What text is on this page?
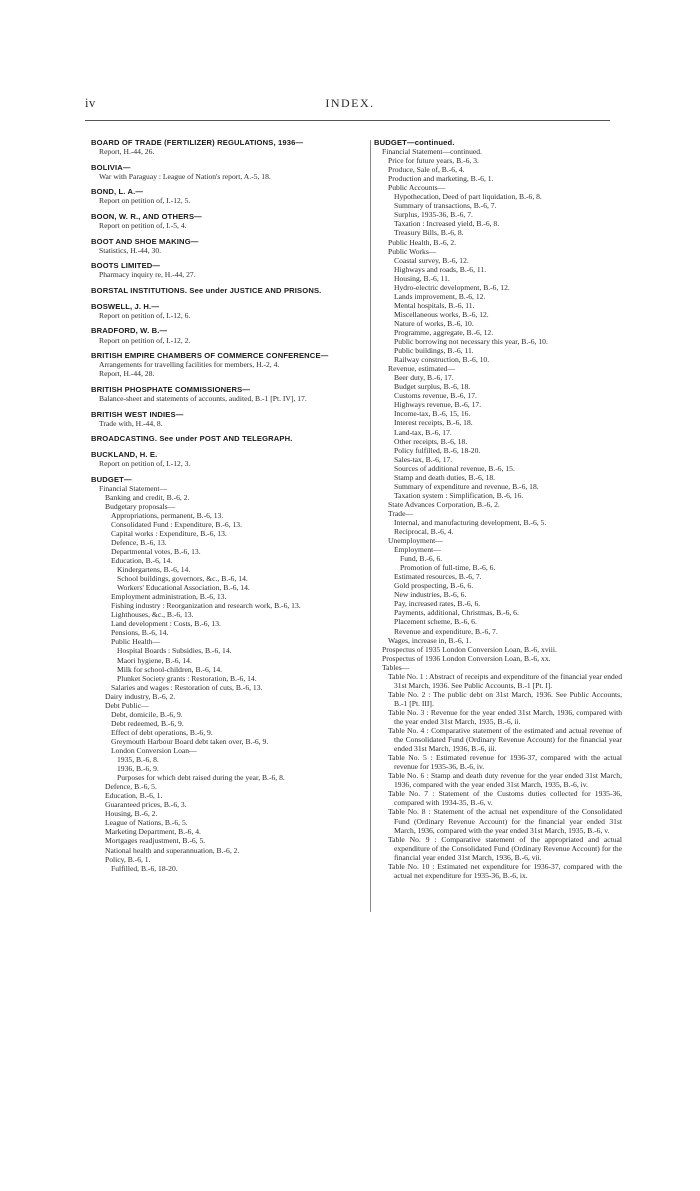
iv	INDEX.
BOARD OF TRADE (FERTILIZER) REGULATIONS, 1936—
Report, H.-44, 26.
BOLIVIA—
War with Paraguay : League of Nation's report, A.-5, 18.
BOND, L. A.—
Report on petition of, I.-12, 5.
BOON, W. R., AND OTHERS—
Report on petition of, I.-5, 4.
BOOT AND SHOE MAKING—
Statistics, H.-44, 30.
BOOTS LIMITED—
Pharmacy inquiry re, H.-44, 27.
BORSTAL INSTITUTIONS. See under JUSTICE AND PRISONS.
BOSWELL, J. H.—
Report on petition of, I.-12, 6.
BRADFORD, W. B.—
Report on petition of, I.-12, 2.
BRITISH EMPIRE CHAMBERS OF COMMERCE CONFERENCE—
Arrangements for travelling facilities for members, H.-2, 4.
Report, H.-44, 28.
BRITISH PHOSPHATE COMMISSIONERS—
Balance-sheet and statements of accounts, audited, B.-1 [Pt. IV], 17.
BRITISH WEST INDIES—
Trade with, H.-44, 8.
BROADCASTING. See under POST AND TELEGRAPH.
BUCKLAND, H. E.
Report on petition of, I.-12, 3.
BUDGET—
Financial Statement—
Banking and credit, B.-6, 2.
Budgetary proposals—
Appropriations, permanent, B.-6, 13.
Consolidated Fund : Expenditure, B.-6, 13.
Capital works : Expenditure, B.-6, 13.
Defence, B.-6, 13.
Departmental votes, B.-6, 13.
Education, B.-6, 14.
Kindergartens, B.-6, 14.
School buildings, governors, &c., B.-6, 14.
Workers' Educational Association, B.-6, 14.
Employment administration, B.-6, 13.
Fishing industry : Reorganization and research work, B.-6, 13.
Lighthouses, &c., B.-6, 13.
Land development : Costs, B.-6, 13.
Pensions, B.-6, 14.
Public Health—
Hospital Boards : Subsidies, B.-6, 14.
Maori hygiene, B.-6, 14.
Milk for school-children, B.-6, 14.
Plunket Society grants : Restoration, B.-6, 14.
Salaries and wages : Restoration of cuts, B.-6, 13.
Dairy industry, B.-6, 2.
Debt Public—
Debt, domicile, B.-6, 9.
Debt redeemed, B.-6, 9.
Effect of debt operations, B.-6, 9.
Greymouth Harbour Board debt taken over, B.-6, 9.
London Conversion Loan—
1935, B.-6, 8.
1936, B.-6, 9.
Purposes for which debt raised during the year, B.-6, 8.
Defence, B.-6, 5.
Education, B.-6, 1.
Guaranteed prices, B.-6, 3.
Housing, B.-6, 2.
League of Nations, B.-6, 5.
Marketing Department, B.-6, 4.
Mortgages readjustment, B.-6, 5.
National health and superannuation, B.-6, 2.
Policy, B.-6, 1.
Fulfilled, B.-6, 18-20.
BUDGET—continued.
Financial Statement—continued.
Price for future years, B.-6, 3.
Produce, Sale of, B.-6, 4.
Production and marketing, B.-6, 1.
Public Accounts—
Hypothecation, Deed of part liquidation, B.-6, 8.
Summary of transactions, B.-6, 7.
Surplus, 1935-36, B.-6, 7.
Taxation : Increased yield, B.-6, 8.
Treasury Bills, B.-6, 8.
Public Health, B.-6, 2.
Public Works—
Coastal survey, B.-6, 12.
Highways and roads, B.-6, 11.
Housing, B.-6, 11.
Hydro-electric development, B.-6, 12.
Lands improvement, B.-6, 12.
Mental hospitals, B.-6, 11.
Miscellaneous works, B.-6, 12.
Nature of works, B.-6, 10.
Programme, aggregate, B.-6, 12.
Public borrowing not necessary this year, B.-6, 10.
Public buildings, B.-6, 11.
Railway construction, B.-6, 10.
Revenue, estimated—
Beer duty, B.-6, 17.
Budget surplus, B.-6, 18.
Customs revenue, B.-6, 17.
Highways revenue, B.-6, 17.
Income-tax, B.-6, 15, 16.
Interest receipts, B.-6, 18.
Land-tax, B.-6, 17.
Other receipts, B.-6, 18.
Policy fulfilled, B.-6, 18-20.
Sales-tax, B.-6, 17.
Sources of additional revenue, B.-6, 15.
Stamp and death duties, B.-6, 18.
Summary of expenditure and revenue, B.-6, 18.
Taxation system : Simplification, B.-6, 16.
State Advances Corporation, B.-6, 2.
Trade—
Internal, and manufacturing development, B.-6, 5.
Reciprocal, B.-6, 4.
Unemployment—
Employment—
Fund, B.-6, 6.
Promotion of full-time, B.-6, 6.
Estimated resources, B.-6, 7.
Gold prospecting, B.-6, 6.
New industries, B.-6, 6.
Pay, increased rates, B.-6, 6.
Payments, additional, Christmas, B.-6, 6.
Placement scheme, B.-6, 6.
Revenue and expenditure, B.-6, 7.
Wages, increase in, B.-6, 1.
Prospectus of 1935 London Conversion Loan, B.-6, xviii.
Prospectus of 1936 London Conversion Loan, B.-6, xx.
Tables—
Table No. 1 : Abstract of receipts and expenditure of the financial year ended 31st March, 1936. See Public Accounts, B.-1 [Pt. I].
Table No. 2 : The public debt on 31st March, 1936. See Public Accounts, B.-1 [Pt. III].
Table No. 3 : Revenue for the year ended 31st March, 1936, compared with the year ended 31st March, 1935, B.-6, ii.
Table No. 4 : Comparative statement of the estimated and actual revenue of the Consolidated Fund (Ordinary Revenue Account) for the financial year ended 31st March, 1936, B.-6, iii.
Table No. 5 : Estimated revenue for 1936-37, compared with the actual revenue for 1935-36, B.-6, iv.
Table No. 6 : Stamp and death duty revenue for the year ended 31st March, 1936, compared with the year ended 31st March, 1935, B.-6, iv.
Table No. 7 : Statement of the Customs duties collected for 1935-36, compared with 1934-35, B.-6, v.
Table No. 8 : Statement of the actual net expenditure of the Consolidated Fund (Ordinary Revenue Account) for the financial year ended 31st March, 1936, compared with the year ended 31st March, 1935, B.-6, v.
Table No. 9 : Comparative statement of the appropriated and actual expenditure of the Consolidated Fund (Ordinary Revenue Account) for the financial year ended 31st March, 1936, B.-6, vii.
Table No. 10 : Estimated net expenditure for 1936-37, compared with the actual net expenditure for 1935-36, B.-6, ix.
